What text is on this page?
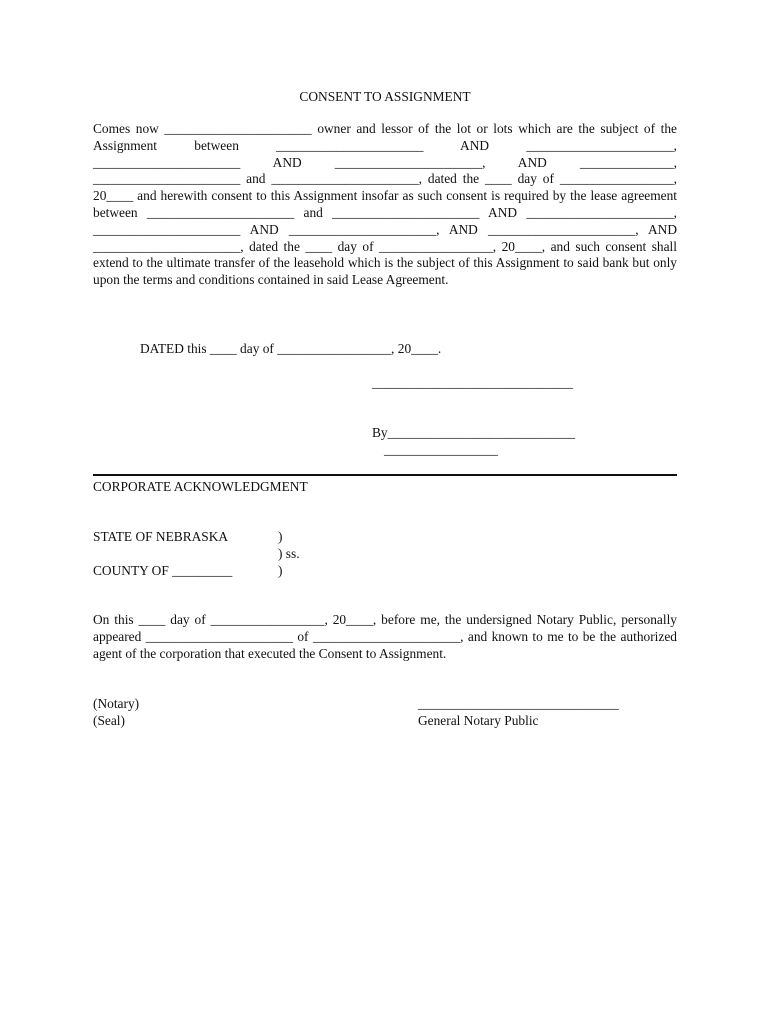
CONSENT TO ASSIGNMENT

Comes now ______________________ owner and lessor of the lot or lots which are the subject of the Assignment between ______________________ AND ______________________, ______________________ AND ______________________, AND ______________, ______________________ and ______________________, dated the ____ day of _________________, 20____ and herewith consent to this Assignment insofar as such consent is required by the lease agreement between ______________________ and ______________________ AND ______________________, ______________________ AND ______________________, AND ______________________, AND ______________________, dated the ____ day of _________________, 20____, and such consent shall extend to the ultimate transfer of the leasehold which is the subject of this Assignment to said bank but only upon the terms and conditions contained in said Lease Agreement.

DATED this ____ day of _________________, 20____.
______________________________
By____________________________
_________________
CORPORATE ACKNOWLEDGMENT
STATE OF NEBRASKA	)
) ss.
COUNTY OF _________	)

On this ____ day of _________________, 20____, before me, the undersigned Notary Public, personally appeared ______________________ of ______________________, and known to me to be the authorized agent of the corporation that executed the Consent to Assignment.

(Notary)
(Seal)
______________________________
General Notary Public
